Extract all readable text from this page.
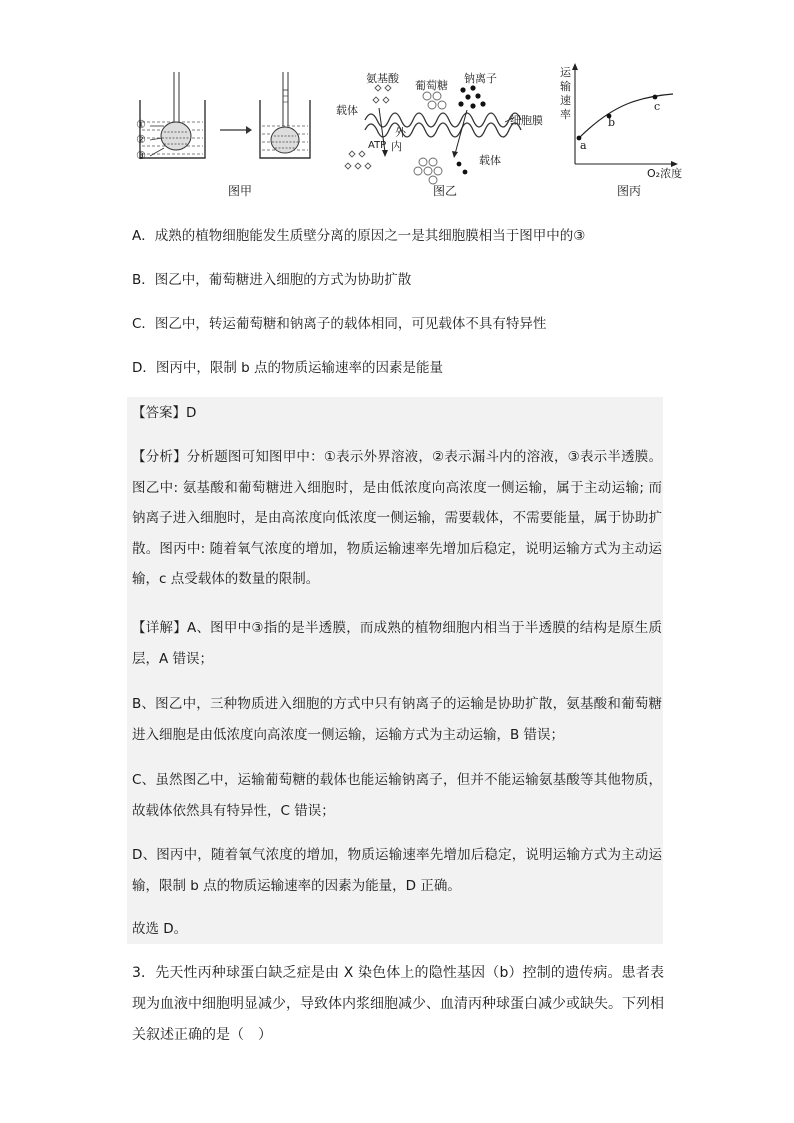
①
②
③
图甲
氨基酸
葡萄糖
钠离子
载体
细胞膜
外
内
ATP
载体
图乙
运
输
速
率
a
b
c
O₂浓度
图丙
A．成熟的植物细胞能发生质壁分离的原因之一是其细胞膜相当于图甲中的③
B．图乙中，葡萄糖进入细胞的方式为协助扩散
C．图乙中，转运葡萄糖和钠离子的载体相同，可见载体不具有特异性
D．图丙中，限制 b 点的物质运输速率的因素是能量
【答案】D
【分析】分析题图可知图甲中：①表示外界溶液，②表示漏斗内的溶液，③表示半透膜。图乙中: 氨基酸和葡萄糖进入细胞时，是由低浓度向高浓度一侧运输，属于主动运输; 而钠离子进入细胞时，是由高浓度向低浓度一侧运输，需要载体，不需要能量，属于协助扩散。图丙中: 随着氧气浓度的增加，物质运输速率先增加后稳定，说明运输方式为主动运输，c 点受载体的数量的限制。
【详解】A、图甲中③指的是半透膜，而成熟的植物细胞内相当于半透膜的结构是原生质层，A 错误；
B、图乙中，三种物质进入细胞的方式中只有钠离子的运输是协助扩散，氨基酸和葡萄糖进入细胞是由低浓度向高浓度一侧运输，运输方式为主动运输，B 错误；
C、虽然图乙中，运输葡萄糖的载体也能运输钠离子，但并不能运输氨基酸等其他物质，故载体依然具有特异性，C 错误；
D、图丙中，随着氧气浓度的增加，物质运输速率先增加后稳定，说明运输方式为主动运输，限制 b 点的物质运输速率的因素为能量，D 正确。
故选 D。
3．先天性丙种球蛋白缺乏症是由 X 染色体上的隐性基因（b）控制的遗传病。患者表现为血液中细胞明显减少，导致体内浆细胞减少、血清丙种球蛋白减少或缺失。下列相关叙述正确的是（　）
